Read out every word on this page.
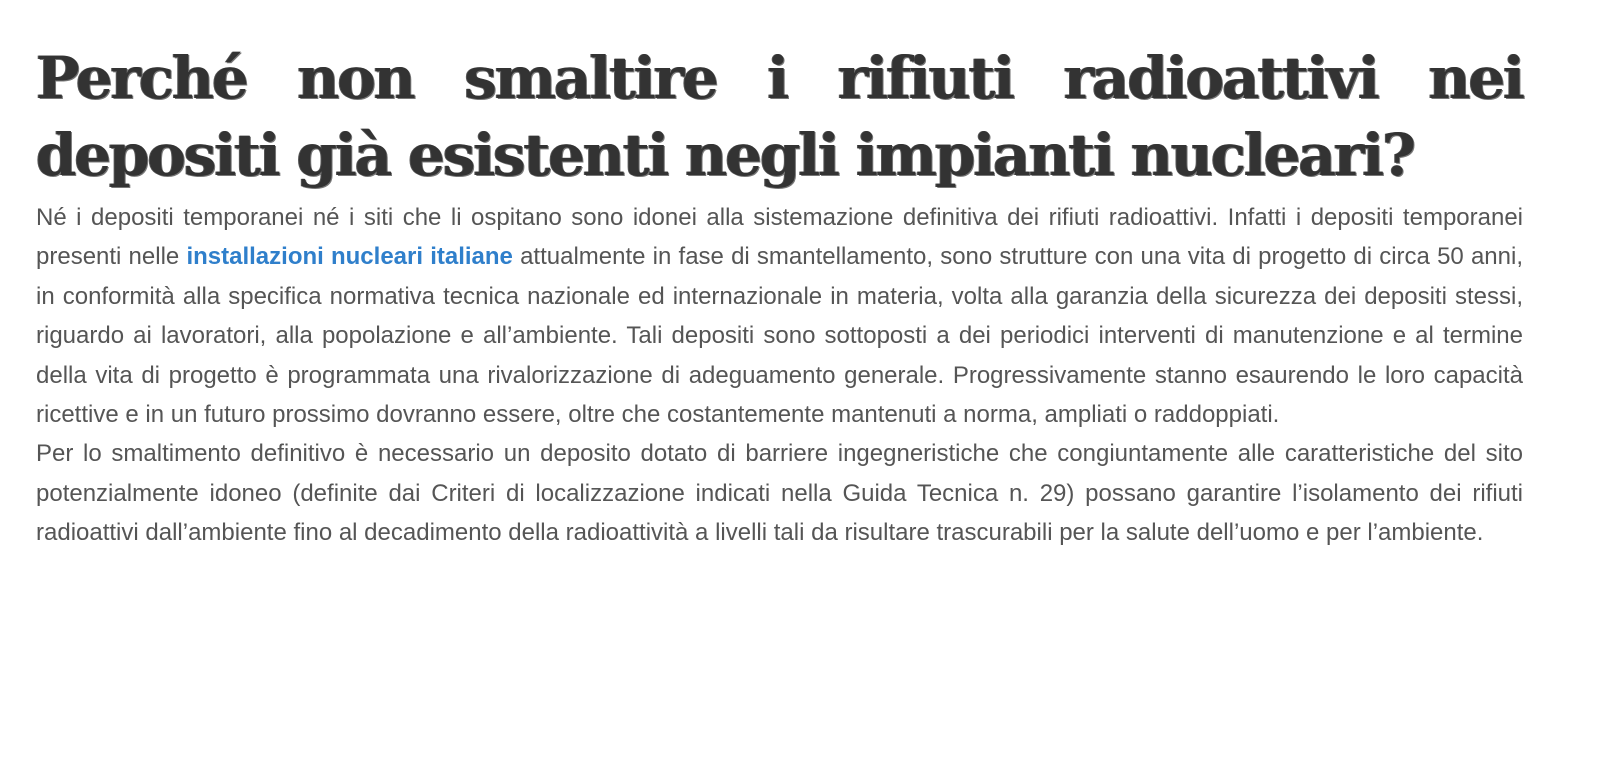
Perché non smaltire i rifiuti radioattivi nei depositi già esistenti negli impianti nucleari?

Né i depositi temporanei né i siti che li ospitano sono idonei alla sistemazione definitiva dei rifiuti radioattivi. Infatti i depositi temporanei presenti nelle installazioni nucleari italiane attualmente in fase di smantellamento, sono strutture con una vita di progetto di circa 50 anni, in conformità alla specifica normativa tecnica nazionale ed internazionale in materia, volta alla garanzia della sicurezza dei depositi stessi, riguardo ai lavoratori, alla popolazione e all’ambiente. Tali depositi sono sottoposti a dei periodici interventi di manutenzione e al termine della vita di progetto è programmata una rivalorizzazione di adeguamento generale. Progressivamente stanno esaurendo le loro capacità ricettive e in un futuro prossimo dovranno essere, oltre che costantemente mantenuti a norma, ampliati o raddoppiati.

Per lo smaltimento definitivo è necessario un deposito dotato di barriere ingegneristiche che congiuntamente alle caratteristiche del sito potenzialmente idoneo (definite dai Criteri di localizzazione indicati nella Guida Tecnica n. 29) possano garantire l’isolamento dei rifiuti radioattivi dall’ambiente fino al decadimento della radioattività a livelli tali da risultare trascurabili per la salute dell’uomo e per l’ambiente.
